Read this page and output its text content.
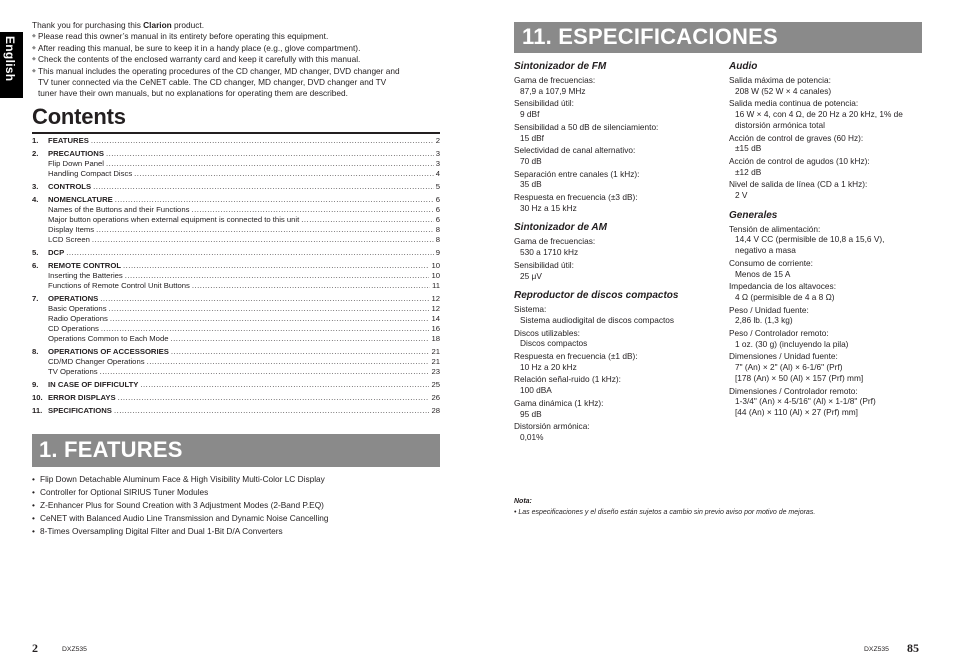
English
Thank you for purchasing this Clarion product.
◆ Please read this owner’s manual in its entirety before operating this equipment.
◆ After reading this manual, be sure to keep it in a handy place (e.g., glove compartment).
◆ Check the contents of the enclosed warranty card and keep it carefully with this manual.
◆ This manual includes the operating procedures of the CD changer, MD changer, DVD changer and
TV tuner connected via the CeNET cable. The CD changer, MD changer, DVD changer and TV
tuner have their own manuals, but no explanations for operating them are described.
Contents
1.	FEATURES .....	2
2.	PRECAUTIONS .....	3
Flip Down Panel .....	3
Handling Compact Discs .....	4
3.	CONTROLS .....	5
4.	NOMENCLATURE .....	6
Names of the Buttons and their Functions .....	6
Major button operations when external equipment is connected to this unit .....	6
Display Items .....	8
LCD Screen .....	8
5.	DCP .....	9
6.	REMOTE CONTROL .....	10
Inserting the Batteries .....	10
Functions of Remote Control Unit Buttons .....	11
7.	OPERATIONS .....	12
Basic Operations .....	12
Radio Operations .....	14
CD Operations .....	16
Operations Common to Each Mode .....	18
8.	OPERATIONS OF ACCESSORIES .....	21
CD/MD Changer Operations .....	21
TV Operations .....	23
9.	IN CASE OF DIFFICULTY .....	25
10. ERROR DISPLAYS .....	26
11. SPECIFICATIONS .....	28
1. FEATURES
• Flip Down Detachable Aluminum Face & High Visibility Multi-Color LC Display
• Controller for Optional SIRIUS Tuner Modules
• Z-Enhancer Plus for Sound Creation with 3 Adjustment Modes (2-Band P.EQ)
• CeNET with Balanced Audio Line Transmission and Dynamic Noise Cancelling
• 8-Times Oversampling Digital Filter and Dual 1-Bit D/A Converters
11. ESPECIFICACIONES
Sintonizador de FM
Gama de frecuencias:
87,9 a 107,9 MHz
Sensibilidad útil:
9 dBf
Sensibilidad a 50 dB de silenciamiento:
15 dBf
Selectividad de canal alternativo:
70 dB
Separación entre canales (1 kHz):
35 dB
Respuesta en frecuencia (±3 dB):
30 Hz a 15 kHz
Sintonizador de AM
Gama de frecuencias:
530 a 1710 kHz
Sensibilidad útil:
25 μV
Reproductor de discos compactos
Sistema:
Sistema audiodigital de discos compactos
Discos utilizables:
Discos compactos
Respuesta en frecuencia (±1 dB):
10 Hz a 20 kHz
Relación señal-ruido (1 kHz):
100 dBA
Gama dinámica (1 kHz):
95 dB
Distorsión armónica:
0,01%
Audio
Salida máxima de potencia:
208 W (52 W × 4 canales)
Salida media continua de potencia:
16 W × 4, con 4 Ω, de 20 Hz a 20 kHz, 1% de
distorsión armónica total
Acción de control de graves (60 Hz):
±15 dB
Acción de control de agudos (10 kHz):
±12 dB
Nivel de salida de línea (CD a 1 kHz):
2 V
Generales
Tensión de alimentación:
14,4 V CC (permisible de 10,8 a 15,6 V),
negativo a masa
Consumo de corriente:
Menos de 15 A
Impedancia de los altavoces:
4 Ω (permisible de 4 a 8 Ω)
Peso / Unidad fuente:
2,86 lb. (1,3 kg)
Peso / Controlador remoto:
1 oz. (30 g) (incluyendo la pila)
Dimensiones / Unidad fuente:
7" (An) × 2" (Al) × 6-1/6" (Prf)
[178 (An) × 50 (Al) × 157 (Prf) mm]
Dimensiones / Controlador remoto:
1-3/4" (An) × 4-5/16" (Al) × 1-1/8" (Prf)
[44 (An) × 110 (Al) × 27 (Prf) mm]
Nota:
• Las especificaciones y el diseño están sujetos a cambio sin previo aviso por motivo de mejoras.
2	DXZ535	DXZ535 85
